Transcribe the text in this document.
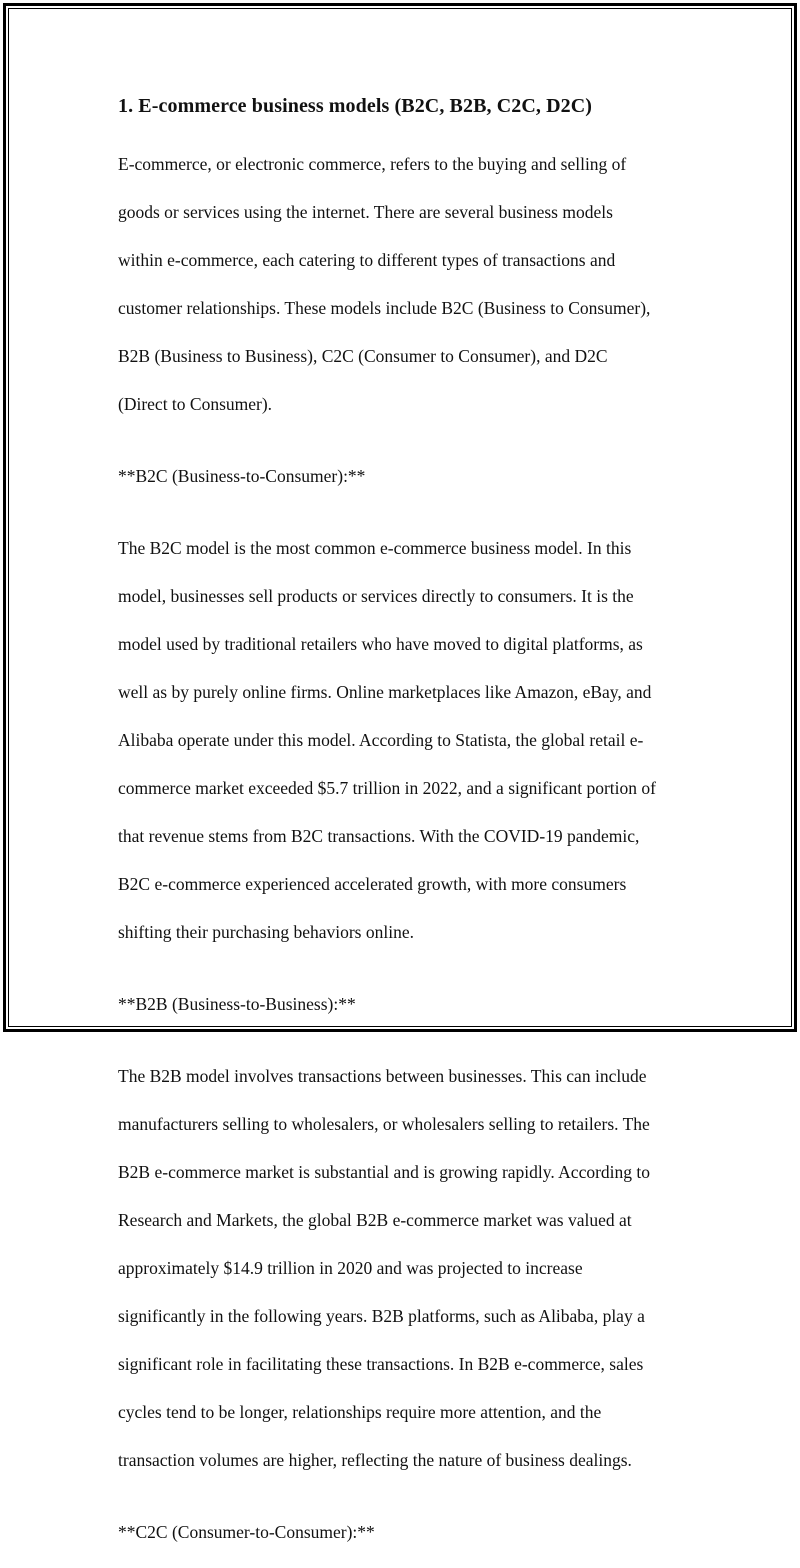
1. E-commerce business models (B2C, B2B, C2C, D2C)

E-commerce, or electronic commerce, refers to the buying and selling of

goods or services using the internet. There are several business models

within e-commerce, each catering to different types of transactions and

customer relationships. These models include B2C (Business to Consumer),

B2B (Business to Business), C2C (Consumer to Consumer), and D2C

(Direct to Consumer).

**B2C (Business-to-Consumer):**

The B2C model is the most common e-commerce business model. In this

model, businesses sell products or services directly to consumers. It is the

model used by traditional retailers who have moved to digital platforms, as

well as by purely online firms. Online marketplaces like Amazon, eBay, and

Alibaba operate under this model. According to Statista, the global retail e-

commerce market exceeded $5.7 trillion in 2022, and a significant portion of

that revenue stems from B2C transactions. With the COVID-19 pandemic,

B2C e-commerce experienced accelerated growth, with more consumers

shifting their purchasing behaviors online.

**B2B (Business-to-Business):**

The B2B model involves transactions between businesses. This can include

manufacturers selling to wholesalers, or wholesalers selling to retailers. The

B2B e-commerce market is substantial and is growing rapidly. According to

Research and Markets, the global B2B e-commerce market was valued at

approximately $14.9 trillion in 2020 and was projected to increase

significantly in the following years. B2B platforms, such as Alibaba, play a

significant role in facilitating these transactions. In B2B e-commerce, sales

cycles tend to be longer, relationships require more attention, and the

transaction volumes are higher, reflecting the nature of business dealings.

**C2C (Consumer-to-Consumer):**
